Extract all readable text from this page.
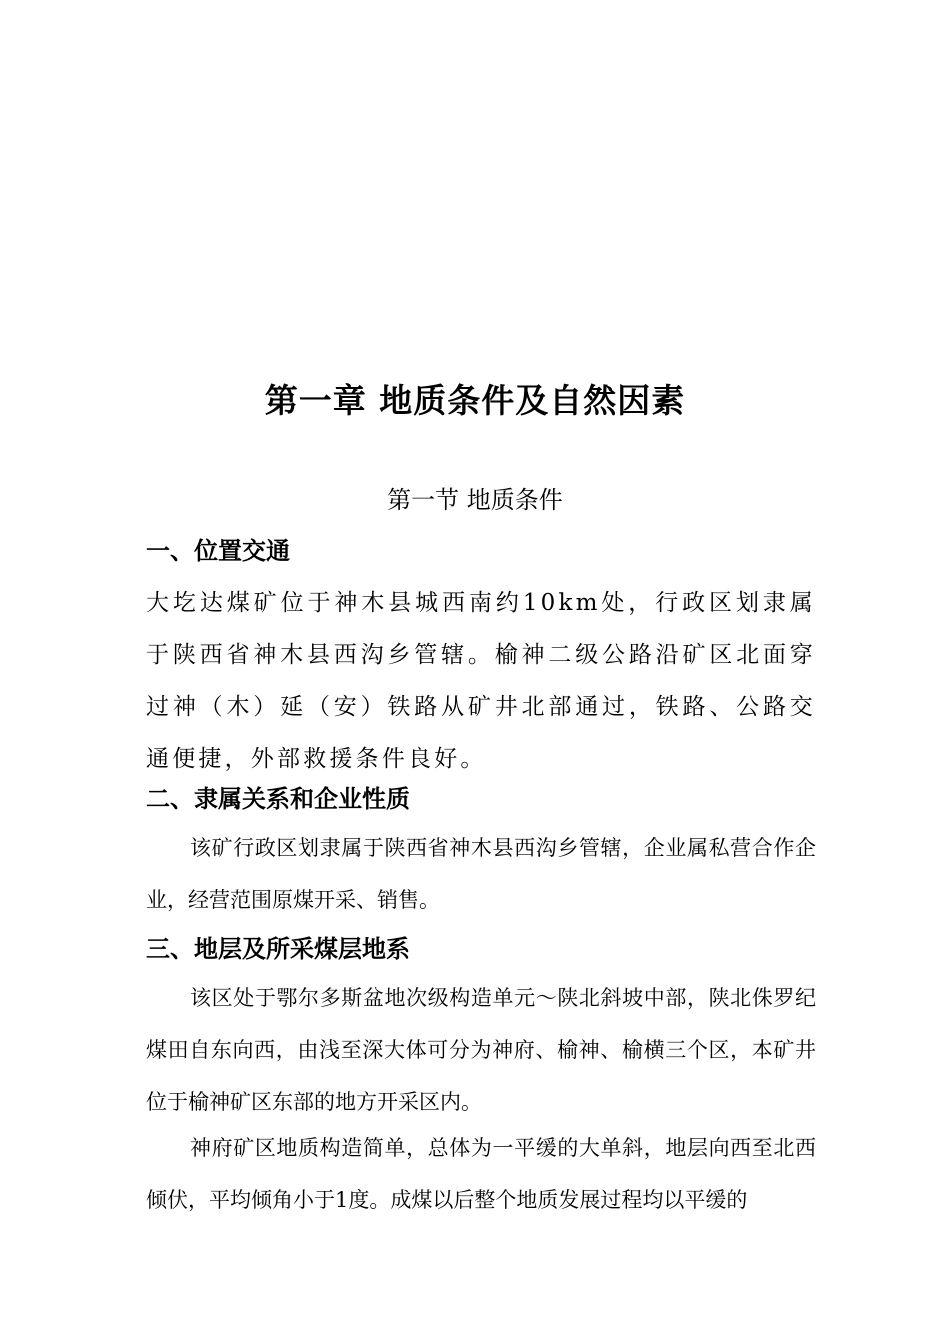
第一章 地质条件及自然因素
第一节 地质条件
一、位置交通

大圪达煤矿位于神木县城西南约10km处，行政区划隶属于陕西省神木县西沟乡管辖。榆神二级公路沿矿区北面穿过神（木）延（安）铁路从矿井北部通过，铁路、公路交通便捷，外部救援条件良好。

二、隶属关系和企业性质

该矿行政区划隶属于陕西省神木县西沟乡管辖，企业属私营合作企业，经营范围原煤开采、销售。

三、地层及所采煤层地系

该区处于鄂尔多斯盆地次级构造单元～陕北斜坡中部，陕北侏罗纪煤田自东向西，由浅至深大体可分为神府、榆神、榆横三个区，本矿井位于榆神矿区东部的地方开采区内。

神府矿区地质构造简单，总体为一平缓的大单斜，地层向西至北西倾伏，平均倾角小于1度。成煤以后整个地质发展过程均以平缓的
